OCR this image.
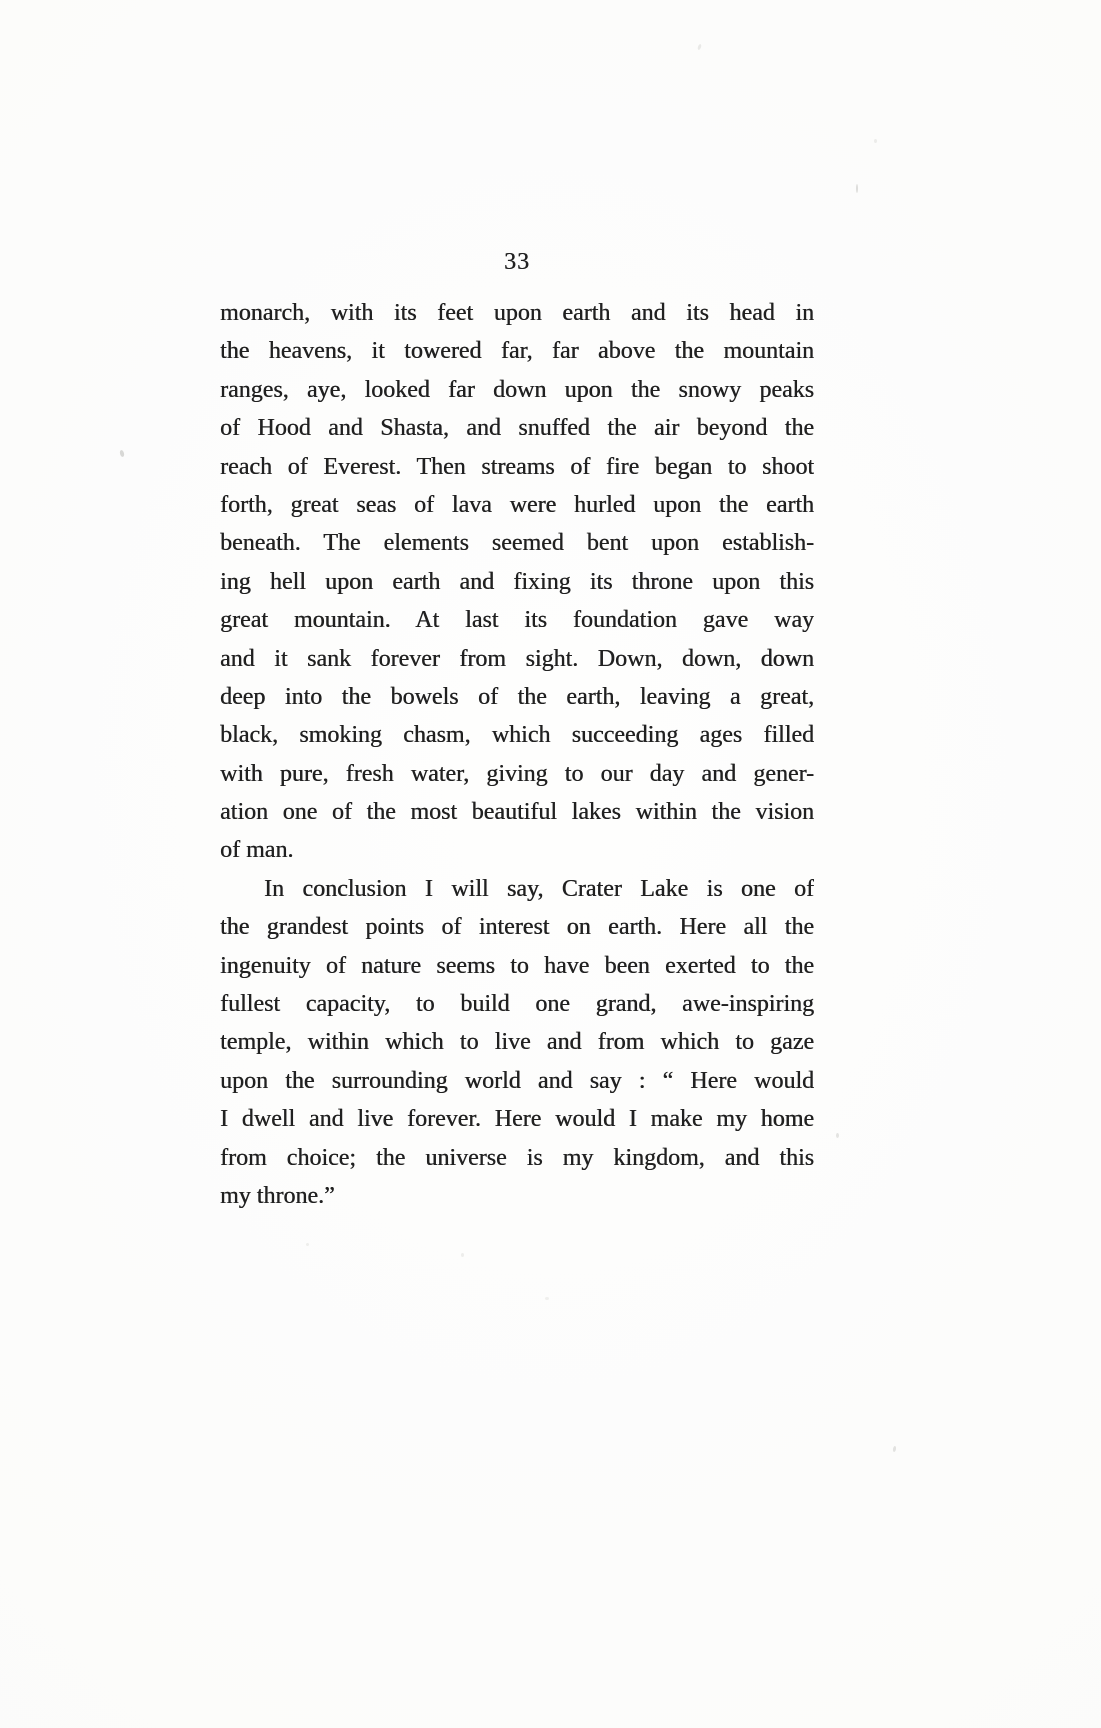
33
monarch, with its feet upon earth and its head in
the heavens, it towered far, far above the mountain
ranges, aye, looked far down upon the snowy peaks
of Hood and Shasta, and snuffed the air beyond the
reach of Everest. Then streams of fire began to shoot
forth, great seas of lava were hurled upon the earth
beneath. The elements seemed bent upon establish-
ing hell upon earth and fixing its throne upon this
great mountain. At last its foundation gave way
and it sank forever from sight. Down, down, down
deep into the bowels of the earth, leaving a great,
black, smoking chasm, which succeeding ages filled
with pure, fresh water, giving to our day and gener-
ation one of the most beautiful lakes within the vision
of man.
In conclusion I will say, Crater Lake is one of
the grandest points of interest on earth. Here all the
ingenuity of nature seems to have been exerted to the
fullest capacity, to build one grand, awe-inspiring
temple, within which to live and from which to gaze
upon the surrounding world and say : “ Here would
I dwell and live forever. Here would I make my home
from choice; the universe is my kingdom, and this
my throne.”
